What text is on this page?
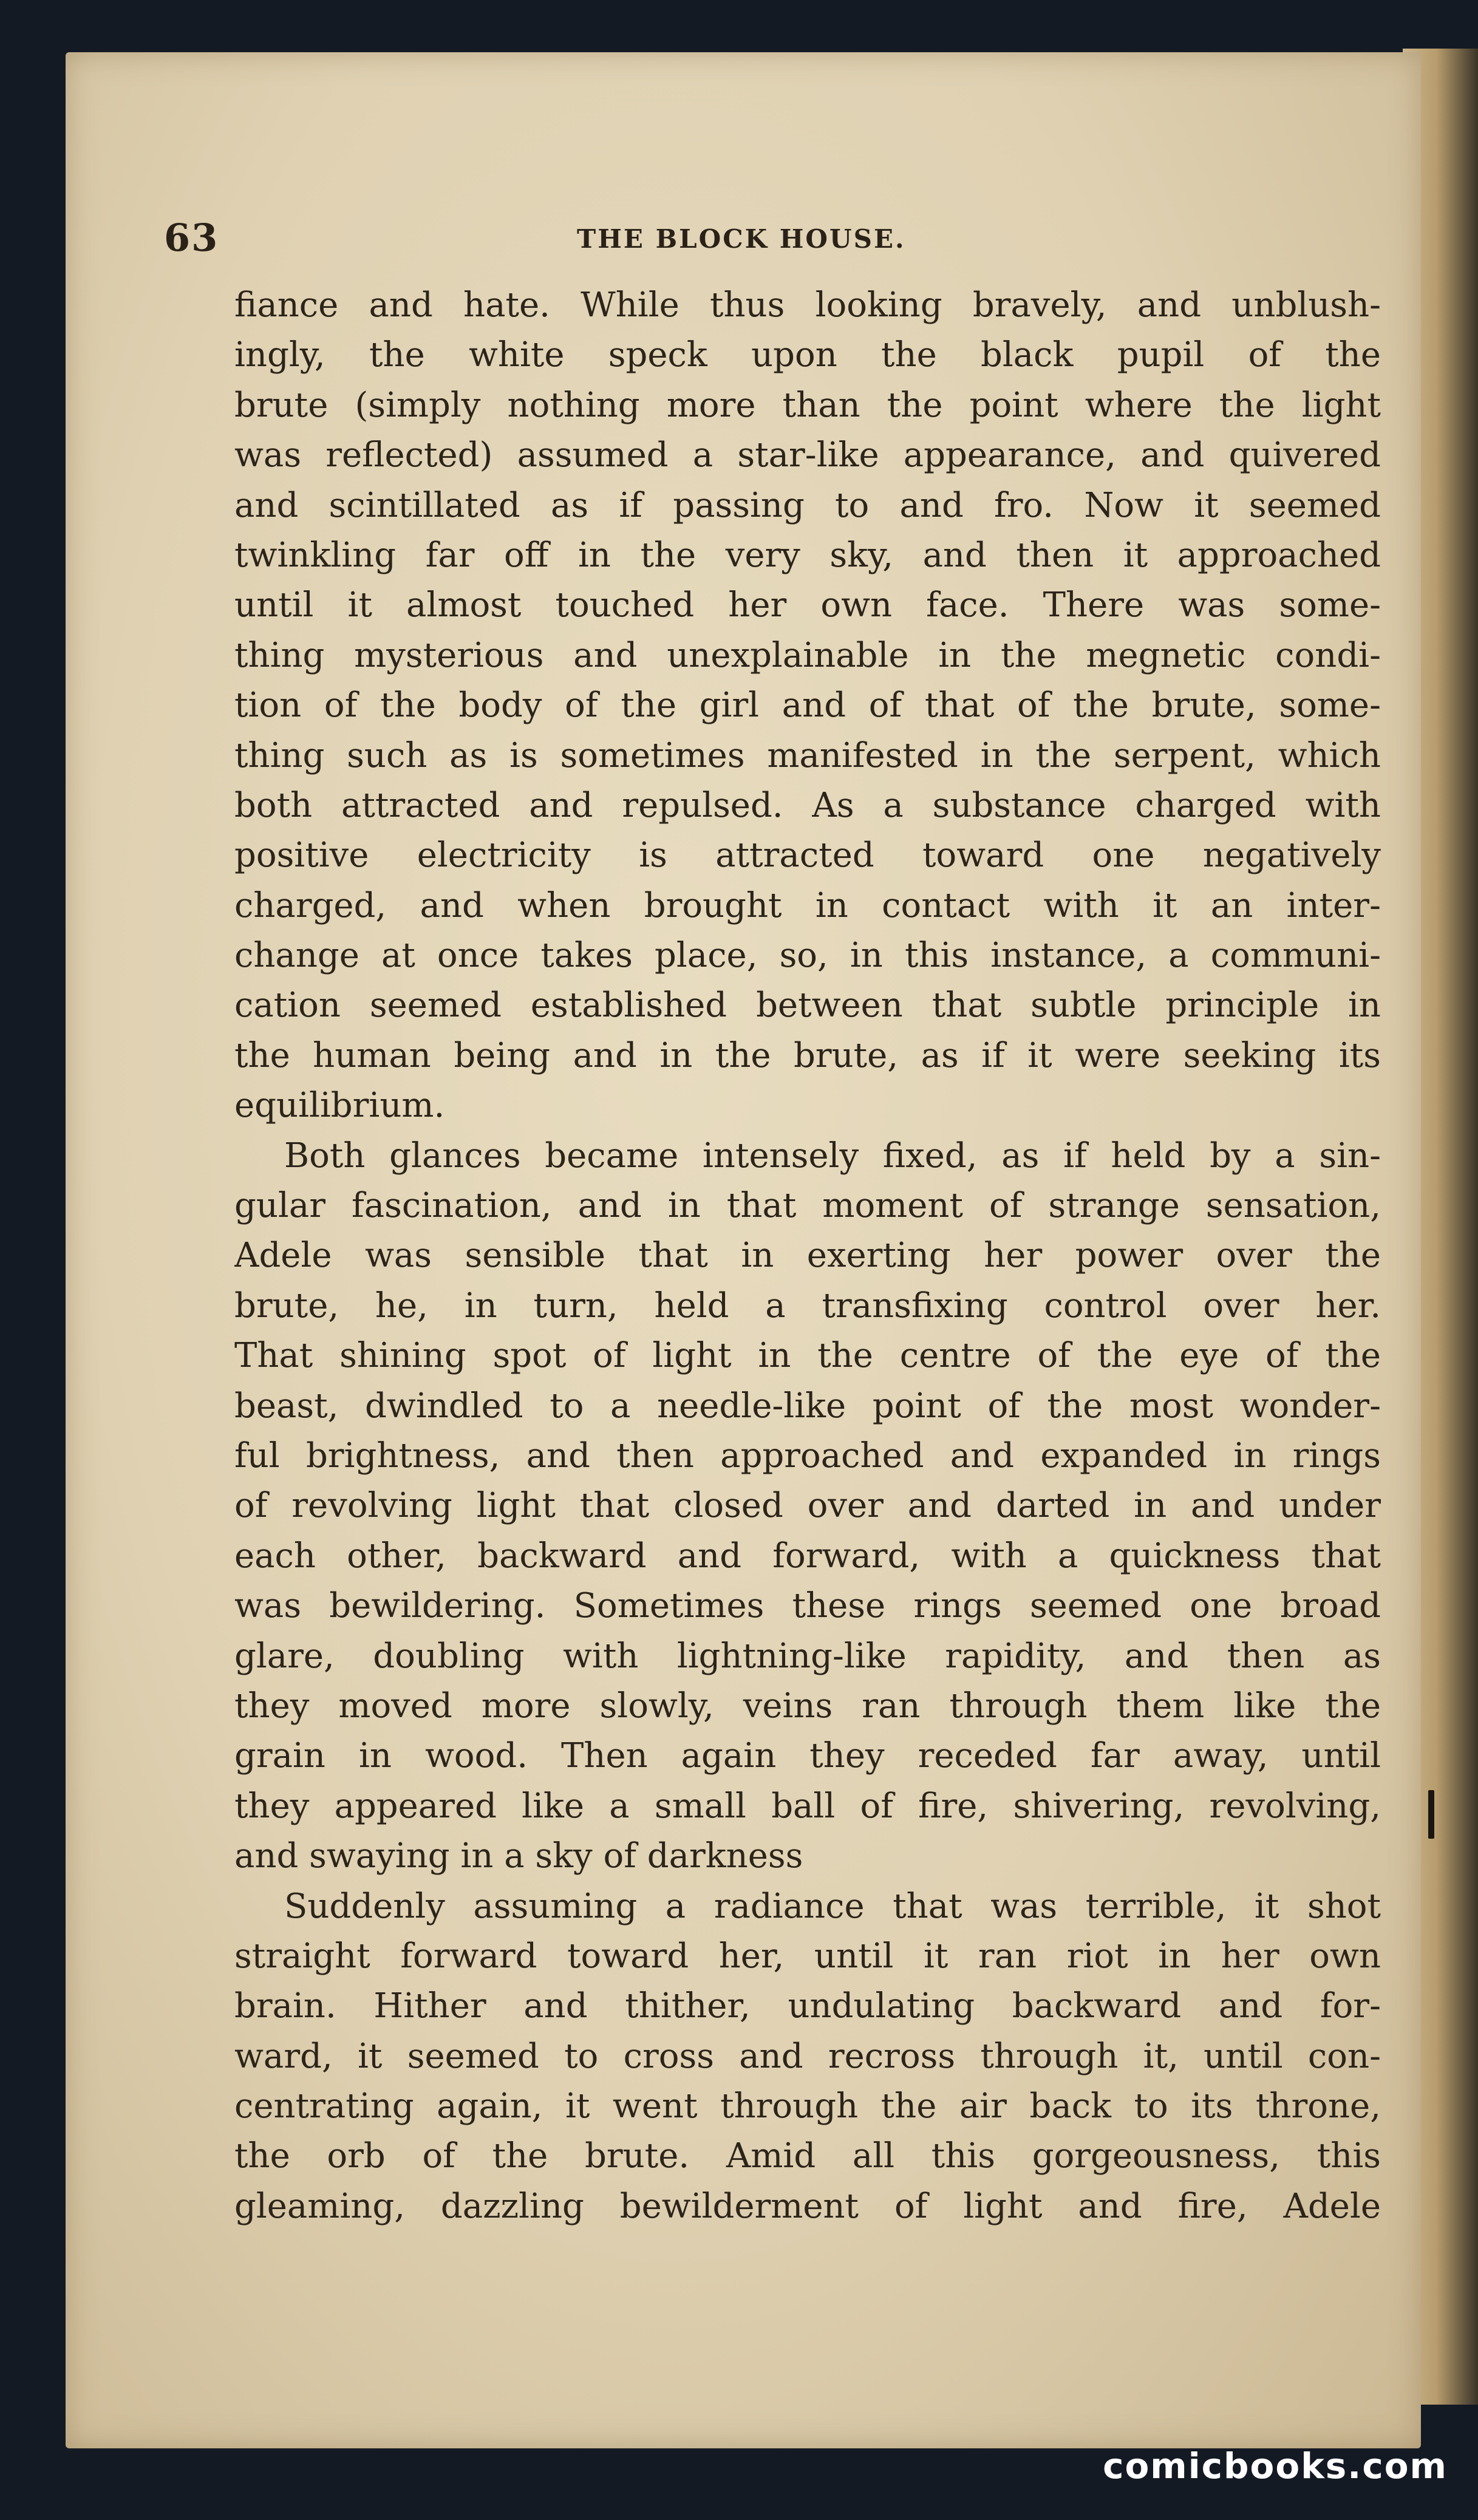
63	THE BLOCK HOUSE.
fiance and hate. While thus looking bravely, and unblush-
ingly, the white speck upon the black pupil of the
brute (simply nothing more than the point where the light
was reflected) assumed a star-like appearance, and quivered
and scintillated as if passing to and fro. Now it seemed
twinkling far off in the very sky, and then it approached
until it almost touched her own face. There was some-
thing mysterious and unexplainable in the megnetic condi-
tion of the body of the girl and of that of the brute, some-
thing such as is sometimes manifested in the serpent, which
both attracted and repulsed. As a substance charged with
positive electricity is attracted toward one negatively
charged, and when brought in contact with it an inter-
change at once takes place, so, in this instance, a communi-
cation seemed established between that subtle principle in
the human being and in the brute, as if it were seeking its
equilibrium.
Both glances became intensely fixed, as if held by a sin-
gular fascination, and in that moment of strange sensation,
Adele was sensible that in exerting her power over the
brute, he, in turn, held a transfixing control over her.
That shining spot of light in the centre of the eye of the
beast, dwindled to a needle-like point of the most wonder-
ful brightness, and then approached and expanded in rings
of revolving light that closed over and darted in and under
each other, backward and forward, with a quickness that
was bewildering. Sometimes these rings seemed one broad
glare, doubling with lightning-like rapidity, and then as
they moved more slowly, veins ran through them like the
grain in wood. Then again they receded far away, until
they appeared like a small ball of fire, shivering, revolving,
and swaying in a sky of darkness
Suddenly assuming a radiance that was terrible, it shot
straight forward toward her, until it ran riot in her own
brain. Hither and thither, undulating backward and for-
ward, it seemed to cross and recross through it, until con-
centrating again, it went through the air back to its throne,
the orb of the brute. Amid all this gorgeousness, this
gleaming, dazzling bewilderment of light and fire, Adele
comicbooks.com
